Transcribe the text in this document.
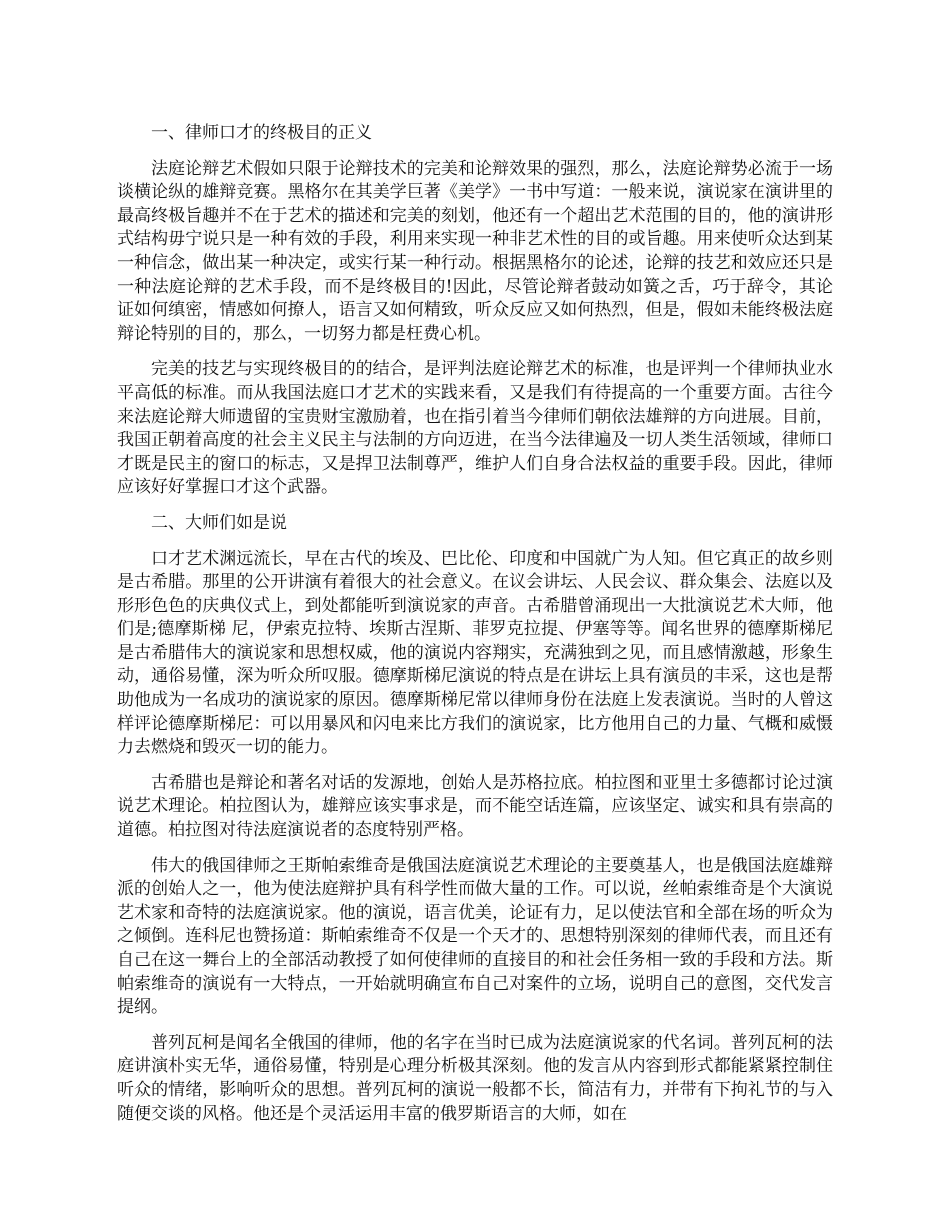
一、律师口才的终极目的正义

法庭论辩艺术假如只限于论辩技术的完美和论辩效果的强烈，那么，法庭论辩势必流于一场谈横论纵的雄辩竞赛。黑格尔在其美学巨著《美学》一书中写道：一般来说，演说家在演讲里的最高终极旨趣并不在于艺术的描述和完美的刻划，他还有一个超出艺术范围的目的，他的演讲形式结构毋宁说只是一种有效的手段，利用来实现一种非艺术性的目的或旨趣。用来使听众达到某一种信念，做出某一种决定，或实行某一种行动。根据黑格尔的论述，论辩的技艺和效应还只是一种法庭论辩的艺术手段，而不是终极目的!因此，尽管论辩者鼓动如簧之舌，巧于辞令，其论证如何缜密，情感如何撩人，语言又如何精致，听众反应又如何热烈，但是，假如未能终极法庭辩论特别的目的，那么，一切努力都是枉费心机。

完美的技艺与实现终极目的的结合，是评判法庭论辩艺术的标准，也是评判一个律师执业水平高低的标准。而从我国法庭口才艺术的实践来看，又是我们有待提高的一个重要方面。古往今来法庭论辩大师遗留的宝贵财宝激励着，也在指引着当今律师们朝依法雄辩的方向进展。目前，我国正朝着高度的社会主义民主与法制的方向迈进，在当今法律遍及一切人类生活领域，律师口才既是民主的窗口的标志，又是捍卫法制尊严，维护人们自身合法权益的重要手段。因此，律师应该好好掌握口才这个武器。

二、大师们如是说

口才艺术渊远流长，早在古代的埃及、巴比伦、印度和中国就广为人知。但它真正的故乡则是古希腊。那里的公开讲演有着很大的社会意义。在议会讲坛、人民会议、群众集会、法庭以及形形色色的庆典仪式上，到处都能听到演说家的声音。古希腊曾涌现出一大批演说艺术大师，他们是;德摩斯梯 尼，伊索克拉特、埃斯古涅斯、菲罗克拉提、伊塞等等。闻名世界的德摩斯梯尼是古希腊伟大的演说家和思想权威，他的演说内容翔实，充满独到之见，而且感情激越，形象生动，通俗易懂，深为听众所叹服。德摩斯梯尼演说的特点是在讲坛上具有演员的丰采，这也是帮助他成为一名成功的演说家的原因。德摩斯梯尼常以律师身份在法庭上发表演说。当时的人曾这样评论德摩斯梯尼：可以用暴风和闪电来比方我们的演说家，比方他用自己的力量、气概和威慑力去燃烧和毁灭一切的能力。

古希腊也是辩论和著名对话的发源地，创始人是苏格拉底。柏拉图和亚里士多德都讨论过演说艺术理论。柏拉图认为，雄辩应该实事求是，而不能空话连篇，应该坚定、诚实和具有崇高的道德。柏拉图对待法庭演说者的态度特别严格。

伟大的俄国律师之王斯帕索维奇是俄国法庭演说艺术理论的主要奠基人，也是俄国法庭雄辩派的创始人之一，他为使法庭辩护具有科学性而做大量的工作。可以说，丝帕索维奇是个大演说艺术家和奇特的法庭演说家。他的演说，语言优美，论证有力，足以使法官和全部在场的听众为之倾倒。连科尼也赞扬道：斯帕索维奇不仅是一个天才的、思想特别深刻的律师代表，而且还有自己在这一舞台上的全部活动教授了如何使律师的直接目的和社会任务相一致的手段和方法。斯帕索维奇的演说有一大特点，一开始就明确宣布自己对案件的立场，说明自己的意图，交代发言提纲。

普列瓦柯是闻名全俄国的律师，他的名字在当时已成为法庭演说家的代名词。普列瓦柯的法庭讲演朴实无华，通俗易懂，特别是心理分析极其深刻。他的发言从内容到形式都能紧紧控制住听众的情绪，影响听众的思想。普列瓦柯的演说一般都不长，简洁有力，并带有下拘礼节的与入随便交谈的风格。他还是个灵活运用丰富的俄罗斯语言的大师，如在
